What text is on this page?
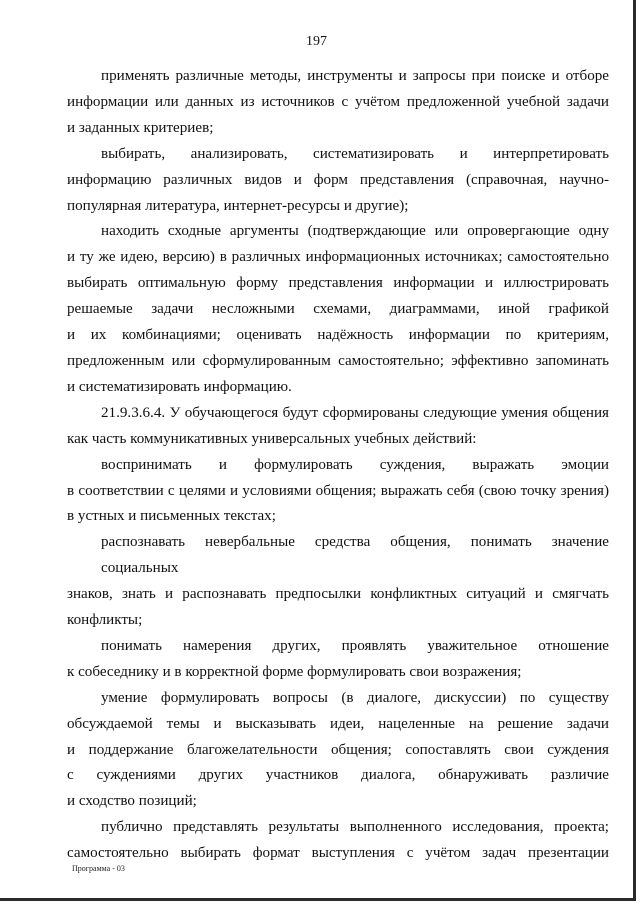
197
применять различные методы, инструменты и запросы при поиске и отборе
информации или данных из источников с учётом предложенной учебной задачи
и заданных критериев;
выбирать, анализировать, систематизировать и интерпретировать
информацию различных видов и форм представления (справочная, научно-
популярная литература, интернет-ресурсы и другие);
находить сходные аргументы (подтверждающие или опровергающие одну
и ту же идею, версию) в различных информационных источниках; самостоятельно
выбирать оптимальную форму представления информации и иллюстрировать
решаемые задачи несложными схемами, диаграммами, иной графикой
и их комбинациями; оценивать надёжность информации по критериям,
предложенным или сформулированным самостоятельно; эффективно запоминать
и систематизировать информацию.
21.9.3.6.4. У обучающегося будут сформированы следующие умения общения
как часть коммуникативных универсальных учебных действий:
воспринимать и формулировать суждения, выражать эмоции
в соответствии с целями и условиями общения; выражать себя (свою точку зрения)
в устных и письменных текстах;
распознавать невербальные средства общения, понимать значение социальных
знаков, знать и распознавать предпосылки конфликтных ситуаций и смягчать
конфликты;
понимать намерения других, проявлять уважительное отношение
к собеседнику и в корректной форме формулировать свои возражения;
умение формулировать вопросы (в диалоге, дискуссии) по существу
обсуждаемой темы и высказывать идеи, нацеленные на решение задачи
и поддержание благожелательности общения; сопоставлять свои суждения
с суждениями других участников диалога, обнаруживать различие
и сходство позиций;
публично представлять результаты выполненного исследования, проекта;
самостоятельно выбирать формат выступления с учётом задач презентации
Программа - 03
